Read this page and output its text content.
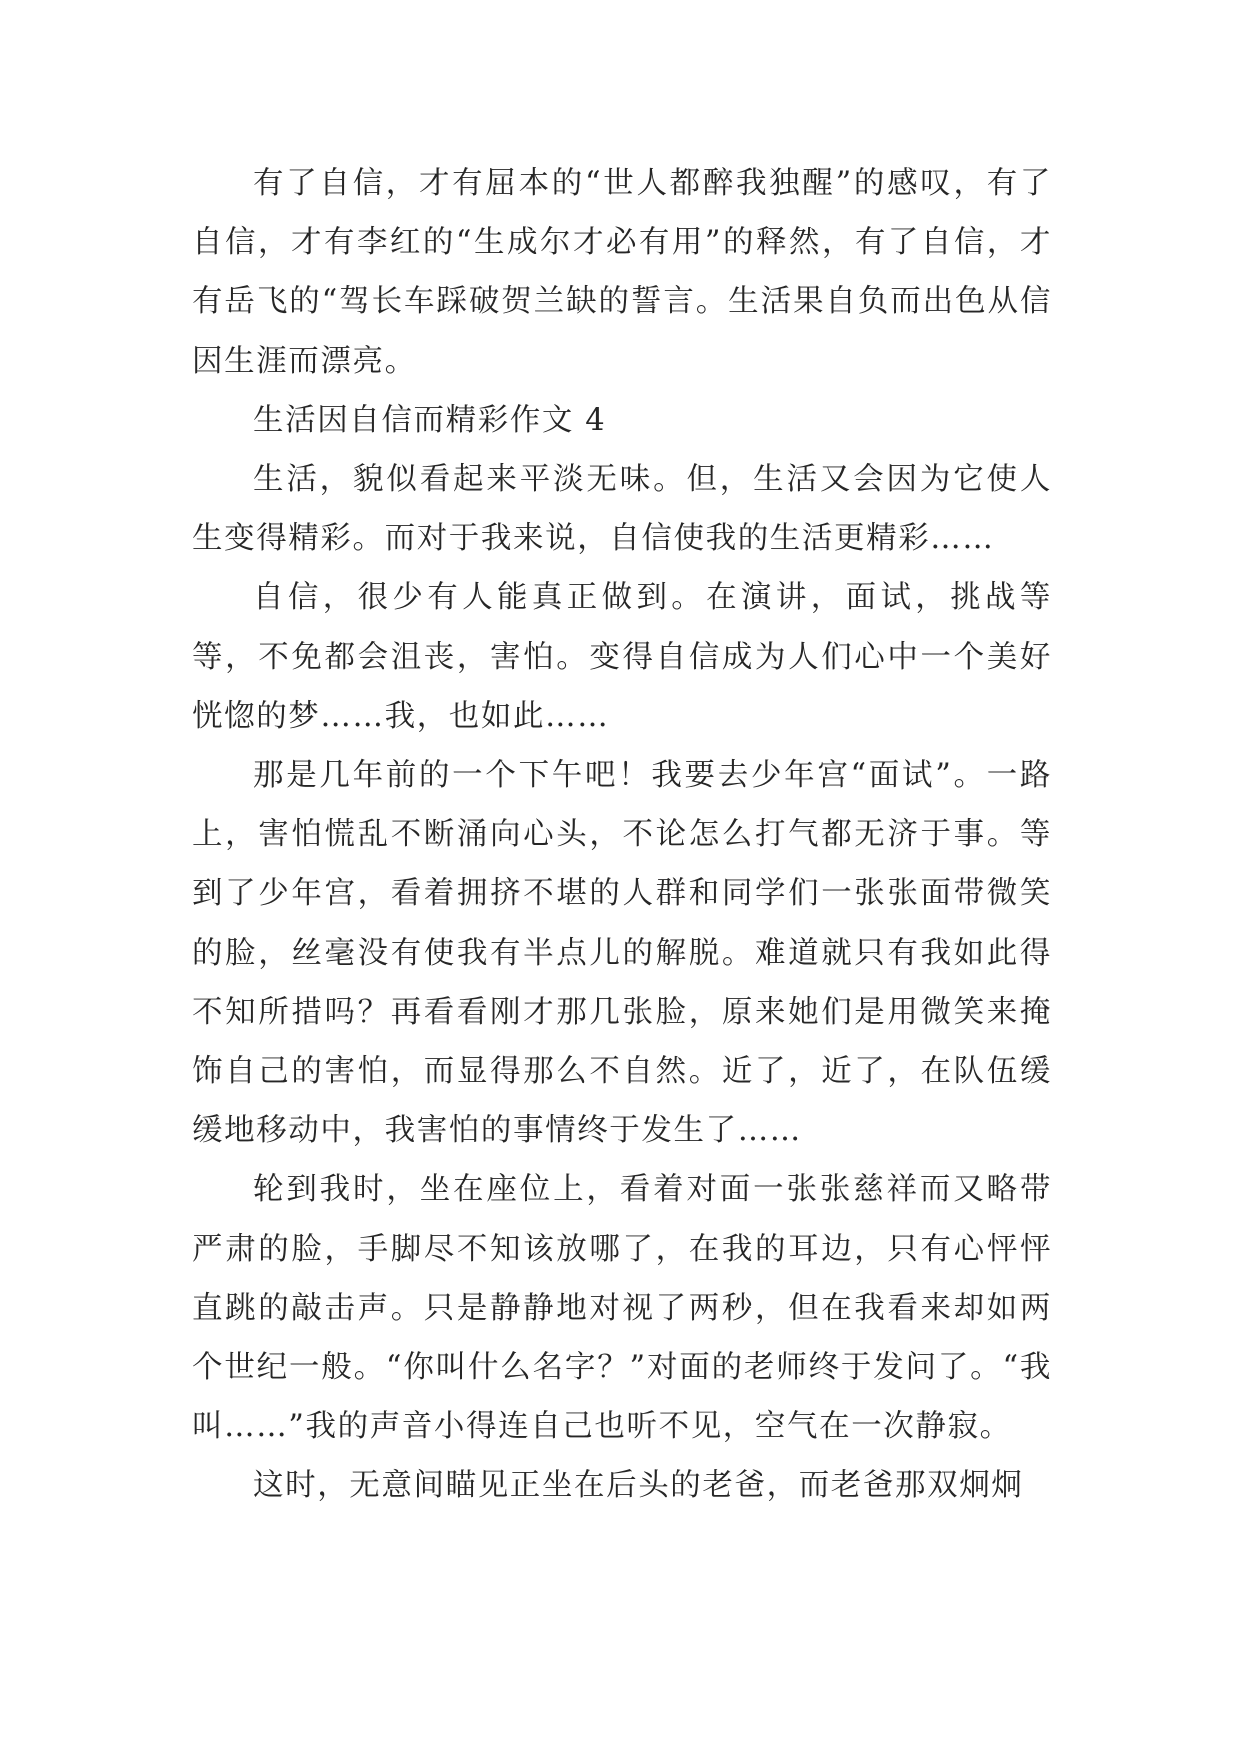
有了自信，才有屈本的“世人都醉我独醒”的感叹，有了自信，才有李红的“生成尔才必有用”的释然，有了自信，才有岳飞的“驾长车踩破贺兰缺的誓言。生活果自负而出色从信因生涯而漂亮。

生活因自信而精彩作文 4

生活，貌似看起来平淡无味。但，生活又会因为它使人生变得精彩。而对于我来说，自信使我的生活更精彩……

自信，很少有人能真正做到。在演讲，面试，挑战等等，不免都会沮丧，害怕。变得自信成为人们心中一个美好恍惚的梦……我，也如此……

那是几年前的一个下午吧！我要去少年宫“面试”。一路上，害怕慌乱不断涌向心头，不论怎么打气都无济于事。等到了少年宫，看着拥挤不堪的人群和同学们一张张面带微笑的脸，丝毫没有使我有半点儿的解脱。难道就只有我如此得不知所措吗？再看看刚才那几张脸，原来她们是用微笑来掩饰自己的害怕，而显得那么不自然。近了，近了，在队伍缓缓地移动中，我害怕的事情终于发生了……

轮到我时，坐在座位上，看着对面一张张慈祥而又略带严肃的脸，手脚尽不知该放哪了，在我的耳边，只有心怦怦直跳的敲击声。只是静静地对视了两秒，但在我看来却如两个世纪一般。“你叫什么名字？”对面的老师终于发问了。“我叫……”我的声音小得连自己也听不见，空气在一次静寂。

这时，无意间瞄见正坐在后头的老爸，而老爸那双炯炯
